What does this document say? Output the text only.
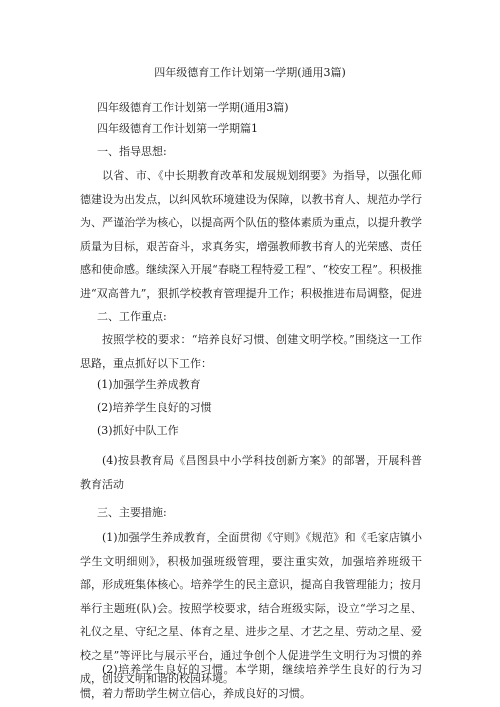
四年级德育工作计划第一学期(通用3篇)
四年级德育工作计划第一学期(通用3篇)
四年级德育工作计划第一学期篇1
一、指导思想:
以省、市、《中长期教育改革和发展规划纲要》为指导，以强化师德建设为出发点，以纠风软环境建设为保障，以教书育人、规范办学行为、严谨治学为核心，以提高两个队伍的整体素质为重点，以提升教学质量为目标，艰苦奋斗，求真务实，增强教师教书育人的光荣感、责任感和使命感。继续深入开展“春晓工程特爱工程”、“校安工程”。积极推进“双高普九”，狠抓学校教育管理提升工作；积极推进布局调整，促进
二、工作重点:
按照学校的要求：“培养良好习惯、创建文明学校。”围绕这一工作思路，重点抓好以下工作：
(1)加强学生养成教育
(2)培养学生良好的习惯
(3)抓好中队工作
(4)按县教育局《昌图县中小学科技创新方案》的部署，开展科普教育活动
三、主要措施:
(1)加强学生养成教育，全面贯彻《守则》《规范》和《毛家店镇小学生文明细则》，积极加强班级管理，要注重实效，加强培养班级干部，形成班集体核心。培养学生的民主意识，提高自我管理能力；按月举行主题班(队)会。按照学校要求，结合班级实际，设立“学习之星、礼仪之星、守纪之星、体育之星、进步之星、才艺之星、劳动之星、爱校之星”等评比与展示平台，通过争创个人促进学生文明行为习惯的养成，创设文明和谐的校园环境。
(2)培养学生良好的习惯。本学期，继续培养学生良好的行为习惯，着力帮助学生树立信心，养成良好的习惯。
